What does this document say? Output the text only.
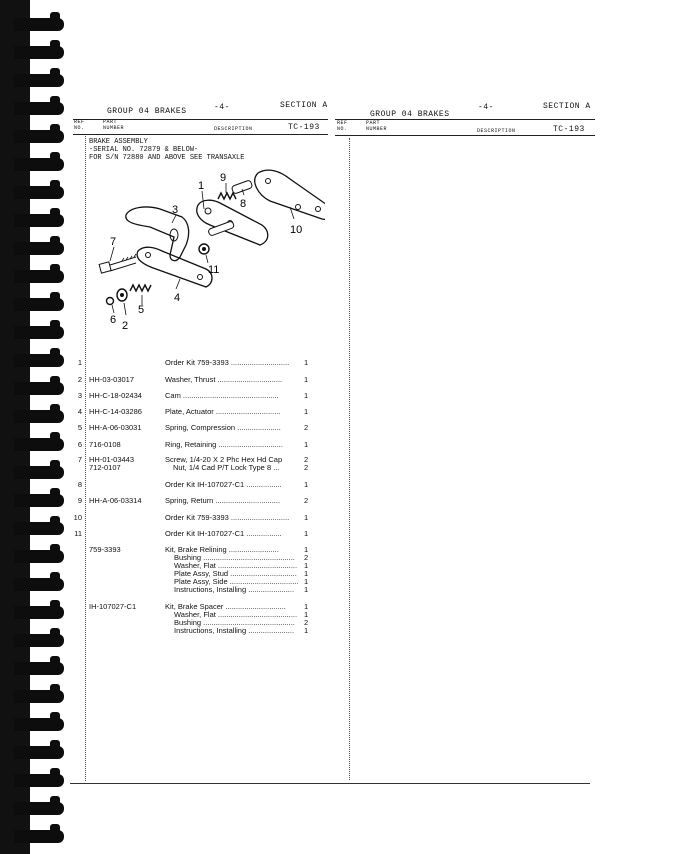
GROUP 04 BRAKES	-4-	SECTION A
REF
NO.
PART
NUMBER	DESCRIPTION	TC-193
GROUP 04 BRAKES
-4-	SECTION A
REF
NO.
PART
NUMBER	DESCRIPTION	TC-193
BRAKE ASSEMBLY
-SERIAL NO. 72879 & BELOW-
FOR S/N 72880 AND ABOVE SEE TRANSAXLE
1
2
3
4
5
6
7
8
9
10
11
1	Order Kit 759-3393 ............................ 1
2 HH-03-03017	Washer, Thrust ...............................	1
3 HH-C-18-02434	Cam ..............................................	1
4 HH-C-14-03286	Plate, Actuator ...............................	1
5 HH-A-06-03031	Spring, Compression .....................	2
6 716-0108	Ring, Retaining ...............................	1
7 HH-01-03443	Screw, 1/4-20 X 2 Phc Hex Hd Cap	2
712-0107	Nut, 1/4 Cad P/T Lock Type 8 ...	2
8	Order Kit IH-107027-C1 .................	1
9 HH-A-06-03314	Spring, Return ...............................	2
10	Order Kit 759-3393 ............................ 1
11	Order Kit IH-107027-C1 .................	1
759-3393	Kit, Brake Relining ........................	1
Bushing ............................................ 2
Washer, Flat ...................................... 1
Plate Assy, Stud ................................ 1
Plate Assy, Side ................................. 1
Instructions, Installing ...................... 1
IH-107027-C1	Kit, Brake Spacer ............................. 1
Washer, Flat ...................................... 1
Bushing ............................................ 2
Instructions, Installing ...................... 1
